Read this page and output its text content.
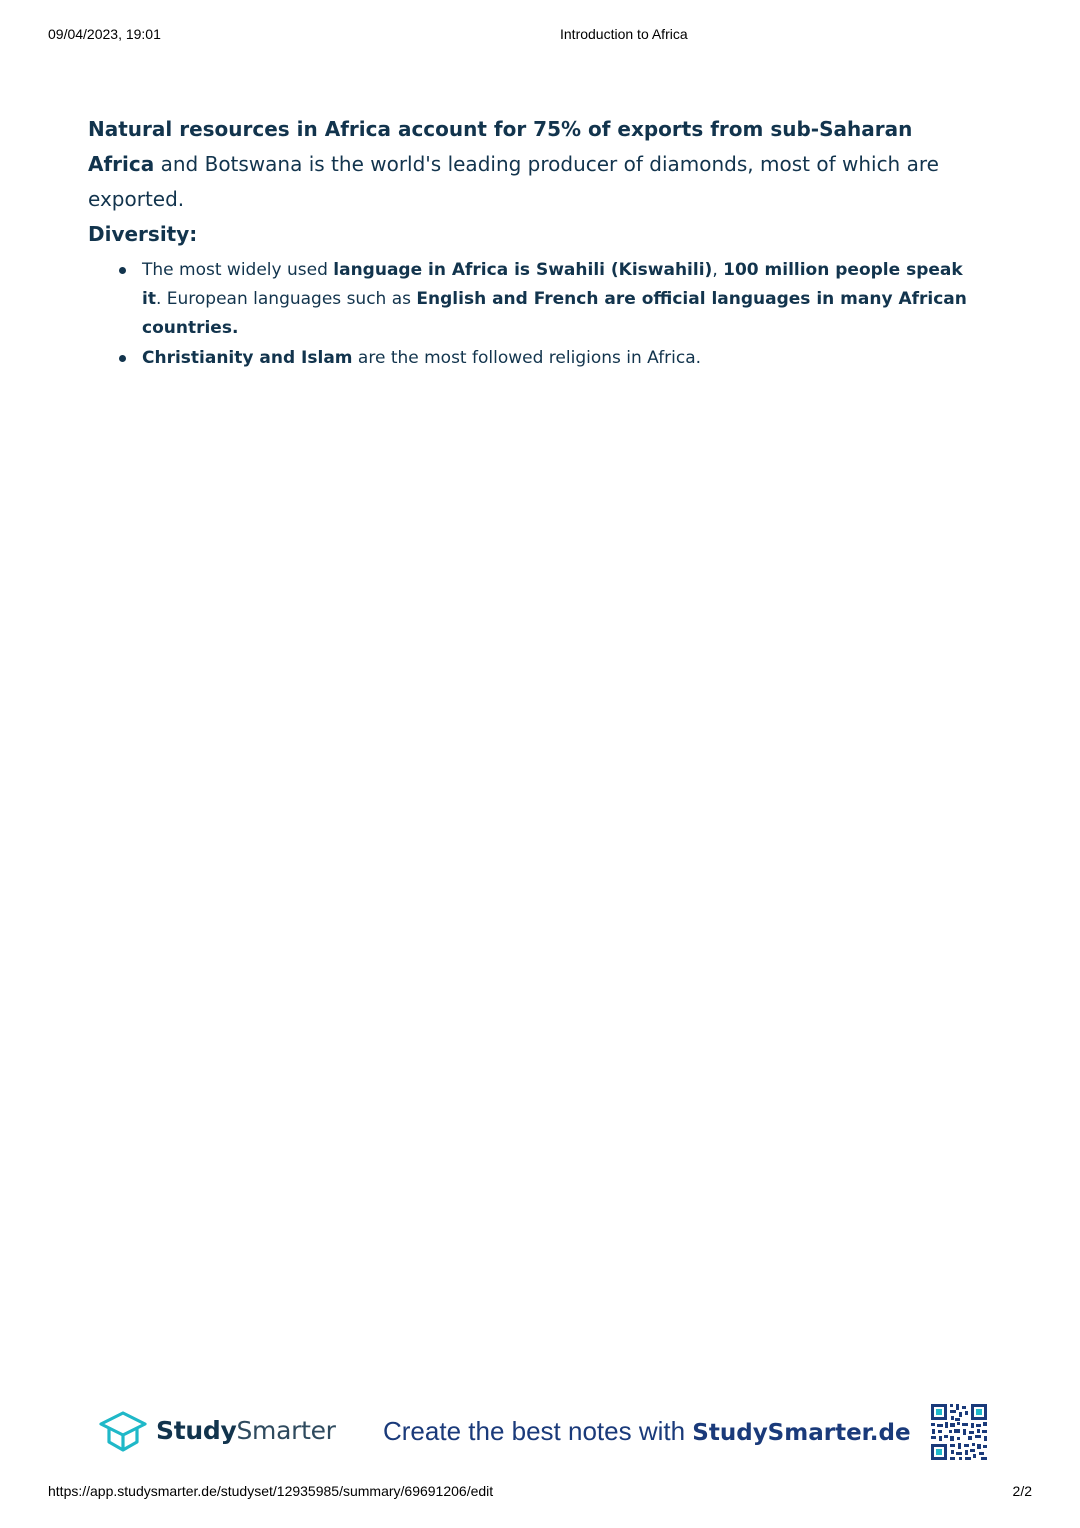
09/04/2023, 19:01	Introduction to Africa

Natural resources in Africa account for 75% of exports from sub-Saharan Africa and Botswana is the world's leading producer of diamonds, most of which are exported.

Diversity:

The most widely used language in Africa is Swahili (Kiswahili), 100 million people speak it. European languages such as English and French are official languages in many African countries.
Christianity and Islam are the most followed religions in Africa.
StudySmarter Create the best notes with StudySmarter.de
https://app.studysmarter.de/studyset/12935985/summary/69691206/edit	2/2
